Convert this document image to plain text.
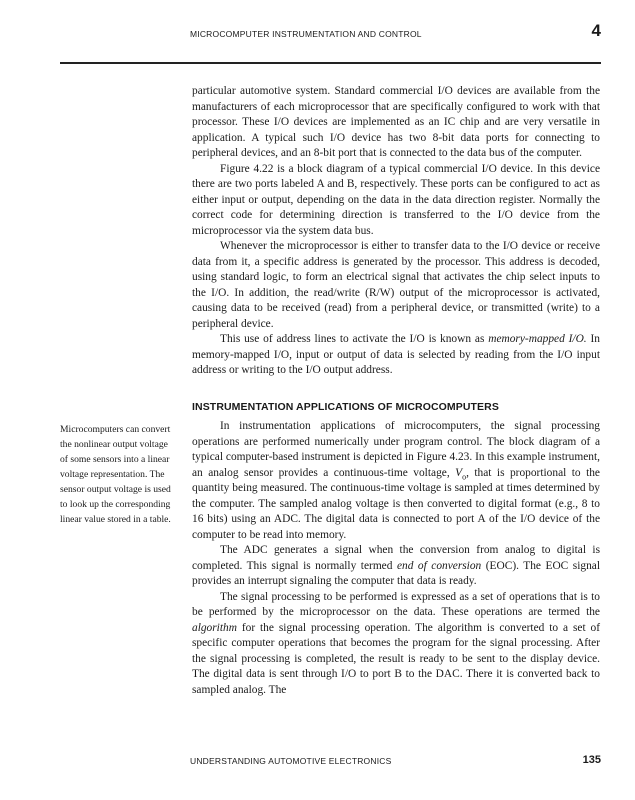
MICROCOMPUTER INSTRUMENTATION AND CONTROL	4

particular automotive system. Standard commercial I/O devices are available from the manufacturers of each microprocessor that are specifically configured to work with that processor. These I/O devices are implemented as an IC chip and are very versatile in application. A typical such I/O device has two 8-bit data ports for connecting to peripheral devices, and an 8-bit port that is connected to the data bus of the computer.

Figure 4.22 is a block diagram of a typical commercial I/O device. In this device there are two ports labeled A and B, respectively. These ports can be configured to act as either input or output, depending on the data in the data direction register. Normally the correct code for determining direction is transferred to the I/O device from the microprocessor via the system data bus.

Whenever the microprocessor is either to transfer data to the I/O device or receive data from it, a specific address is generated by the processor. This address is decoded, using standard logic, to form an electrical signal that activates the chip select inputs to the I/O. In addition, the read/write (R/W) output of the microprocessor is activated, causing data to be received (read) from a peripheral device, or transmitted (write) to a peripheral device.

This use of address lines to activate the I/O is known as memory-mapped I/O. In memory-mapped I/O, input or output of data is selected by reading from the I/O input address or writing to the I/O output address.

INSTRUMENTATION APPLICATIONS OF MICROCOMPUTERS
Microcomputers can convert the nonlinear output voltage of some sensors into a linear voltage representation. The sensor output voltage is used to look up the corresponding linear value stored in a table.

In instrumentation applications of microcomputers, the signal processing operations are performed numerically under program control. The block diagram of a typical computer-based instrument is depicted in Figure 4.23. In this example instrument, an analog sensor provides a continuous-time voltage, $V_o$, that is proportional to the quantity being measured. The continuous-time voltage is sampled at times determined by the computer. The sampled analog voltage is then converted to digital format (e.g., 8 to 16 bits) using an ADC. The digital data is connected to port A of the I/O device of the computer to be read into memory.

The ADC generates a signal when the conversion from analog to digital is completed. This signal is normally termed end of conversion (EOC). The EOC signal provides an interrupt signaling the computer that data is ready.

The signal processing to be performed is expressed as a set of operations that is to be performed by the microprocessor on the data. These operations are termed the algorithm for the signal processing operation. The algorithm is converted to a set of specific computer operations that becomes the program for the signal processing. After the signal processing is completed, the result is ready to be sent to the display device. The digital data is sent through I/O to port B to the DAC. There it is converted back to sampled analog. The

UNDERSTANDING AUTOMOTIVE ELECTRONICS	135
